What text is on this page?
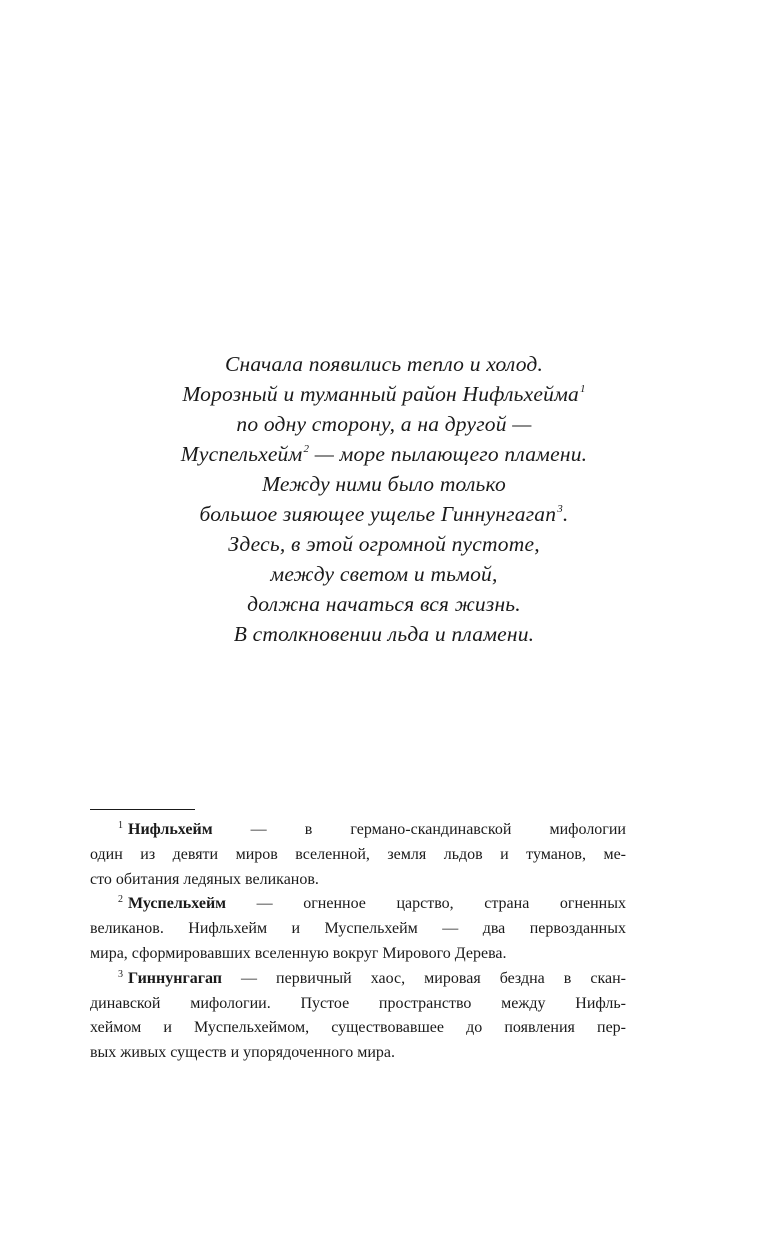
Сначала появились тепло и холод.
Морозный и туманный район Нифльхейма$^1$
по одну сторону, а на другой —
Муспельхейм$^2$ — море пылающего пламени.
Между ними было только
большое зияющее ущелье Гиннунгагап$^3$.
Здесь, в этой огромной пустоте,
между светом и тьмой,
должна начаться вся жизнь.
В столкновении льда и пламени.
$^1$ Нифльхейм — в германо-скандинавской мифологии
один из девяти миров вселенной, земля льдов и туманов, ме-
сто обитания ледяных великанов.
$^2$ Муспельхейм — огненное царство, страна огненных
великанов. Нифльхейм и Муспельхейм — два первозданных
мира, сформировавших вселенную вокруг Мирового Дерева.
$^3$ Гиннунгагап — первичный хаос, мировая бездна в скан-
динавской мифологии. Пустое пространство между Нифль-
хеймом и Муспельхеймом, существовавшее до появления пер-
вых живых существ и упорядоченного мира.
